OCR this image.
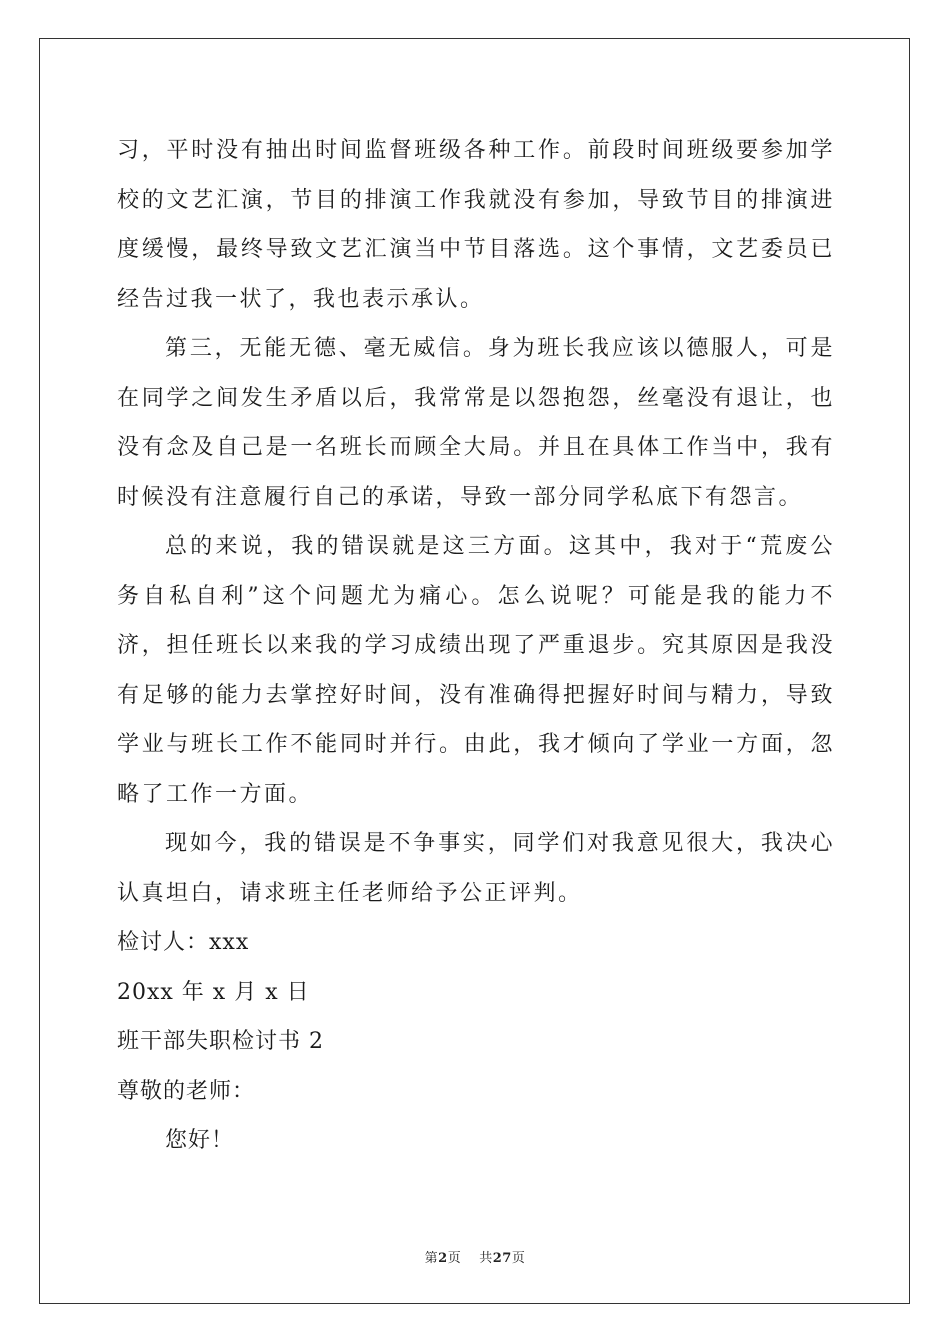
习，平时没有抽出时间监督班级各种工作。前段时间班级要参加学校的文艺汇演，节目的排演工作我就没有参加，导致节目的排演进度缓慢，最终导致文艺汇演当中节目落选。这个事情，文艺委员已经告过我一状了，我也表示承认。

第三，无能无德、毫无威信。身为班长我应该以德服人，可是在同学之间发生矛盾以后，我常常是以怨抱怨，丝毫没有退让，也没有念及自己是一名班长而顾全大局。并且在具体工作当中，我有时候没有注意履行自己的承诺，导致一部分同学私底下有怨言。

总的来说，我的错误就是这三方面。这其中，我对于“荒废公务自私自利”这个问题尤为痛心。怎么说呢？可能是我的能力不济，担任班长以来我的学习成绩出现了严重退步。究其原因是我没有足够的能力去掌控好时间，没有准确得把握好时间与精力，导致学业与班长工作不能同时并行。由此，我才倾向了学业一方面，忽略了工作一方面。

现如今，我的错误是不争事实，同学们对我意见很大，我决心认真坦白，请求班主任老师给予公正评判。

检讨人：xxx

20xx 年 x 月 x 日

班干部失职检讨书 2

尊敬的老师：

您好！

第2页 共27页
